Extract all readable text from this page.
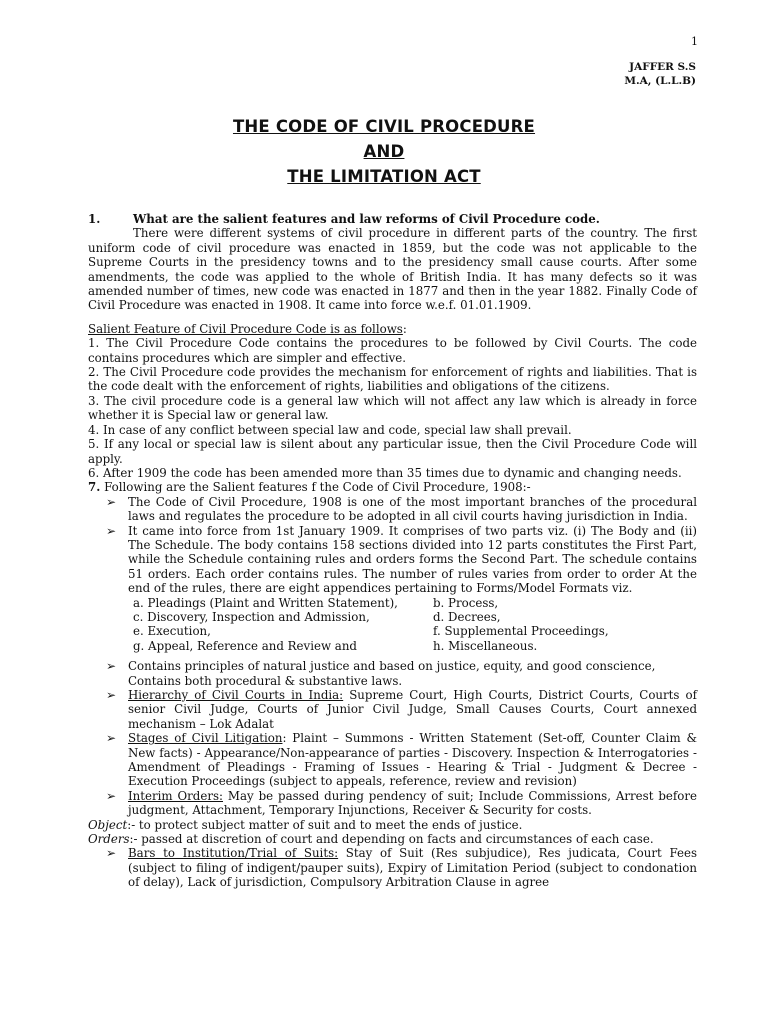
1
JAFFER S.S
M.A, (L.L.B)
THE CODE OF CIVIL PROCEDURE
AND
THE LIMITATION ACT
1.	What are the salient features and law reforms of Civil Procedure code.

There were different systems of civil procedure in different parts of the country. The first uniform code of civil procedure was enacted in 1859, but the code was not applicable to the Supreme Courts in the presidency towns and to the presidency small cause courts. After some amendments, the code was applied to the whole of British India. It has many defects so it was amended number of times, new code was enacted in 1877 and then in the year 1882. Finally Code of Civil Procedure was enacted in 1908. It came into force w.e.f. 01.01.1909.

Salient Feature of Civil Procedure Code is as follows:

1. The Civil Procedure Code contains the procedures to be followed by Civil Courts. The code contains procedures which are simpler and effective.

2. The Civil Procedure code provides the mechanism for enforcement of rights and liabilities. That is the code dealt with the enforcement of rights, liabilities and obligations of the citizens.

3. The civil procedure code is a general law which will not affect any law which is already in force whether it is Special law or general law.

4. In case of any conflict between special law and code, special law shall prevail.

5. If any local or special law is silent about any particular issue, then the Civil Procedure Code will apply.

6. After 1909 the code has been amended more than 35 times due to dynamic and changing needs.

7. Following are the Salient features f the Code of Civil Procedure, 1908:-

➢	The Code of Civil Procedure, 1908 is one of the most important branches of the procedural laws and regulates the procedure to be adopted in all civil courts having jurisdiction in India.
➢	It came into force from 1st January 1909. It comprises of two parts viz. (i) The Body and (ii) The Schedule. The body contains 158 sections divided into 12 parts constitutes the First Part, while the Schedule containing rules and orders forms the Second Part. The schedule contains 51 orders. Each order contains rules. The number of rules varies from order to order At the end of the rules, there are eight appendices pertaining to Forms/Model Formats viz.
a. Pleadings (Plaint and Written Statement),	b. Process,
c. Discovery, Inspection and Admission,	d. Decrees,
e. Execution,	f. Supplemental Proceedings,
g. Appeal, Reference and Review and	h. Miscellaneous.
➢	Contains principles of natural justice and based on justice, equity, and good conscience,

Contains both procedural & substantive laws.

➢	Hierarchy of Civil Courts in India: Supreme Court, High Courts, District Courts, Courts of senior Civil Judge, Courts of Junior Civil Judge, Small Causes Courts, Court annexed mechanism – Lok Adalat
➢	Stages of Civil Litigation: Plaint – Summons - Written Statement (Set-off, Counter Claim & New facts) - Appearance/Non-appearance of parties - Discovery. Inspection & Interrogatories - Amendment of Pleadings - Framing of Issues - Hearing & Trial - Judgment & Decree - Execution Proceedings (subject to appeals, reference, review and revision)
➢	Interim Orders: May be passed during pendency of suit; Include Commissions, Arrest before judgment, Attachment, Temporary Injunctions, Receiver & Security for costs.

Object:- to protect subject matter of suit and to meet the ends of justice.

Orders:- passed at discretion of court and depending on facts and circumstances of each case.

➢	Bars to Institution/Trial of Suits: Stay of Suit (Res subjudice), Res judicata, Court Fees (subject to filing of indigent/pauper suits), Expiry of Limitation Period (subject to condonation of delay), Lack of jurisdiction, Compulsory Arbitration Clause in agree
